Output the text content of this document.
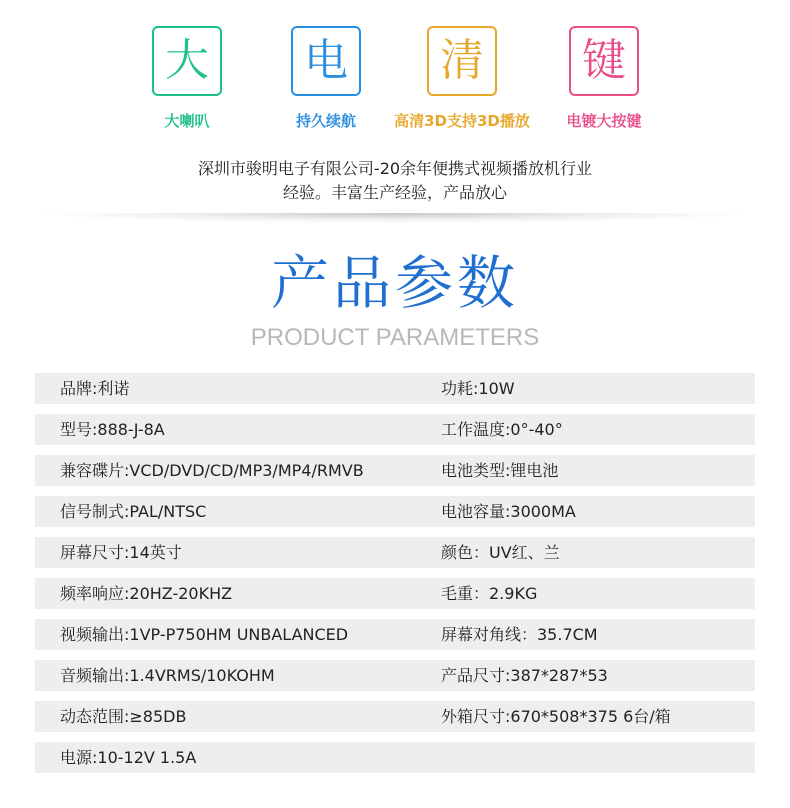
大
大喇叭
电
持久续航
清
高清3D支持3D播放
键
电镀大按键
深圳市骏明电子有限公司-20余年便携式视频播放机行业
经验。丰富生产经验，产品放心
产品参数
PRODUCT PARAMETERS
品牌:利诺	功耗:10W
型号:888-J-8A	工作温度:0°-40°
兼容碟片:VCD/DVD/CD/MP3/MP4/RMVB	电池类型:锂电池
信号制式:PAL/NTSC	电池容量:3000MA
屏幕尺寸:14英寸	颜色：UV红、兰
频率响应:20HZ-20KHZ	毛重：2.9KG
视频输出:1VP-P750HM UNBALANCED	屏幕对角线：35.7CM
音频输出:1.4VRMS/10KOHM	产品尺寸:387*287*53
动态范围:≥85DB	外箱尺寸:670*508*375 6台/箱
电源:10-12V 1.5A
